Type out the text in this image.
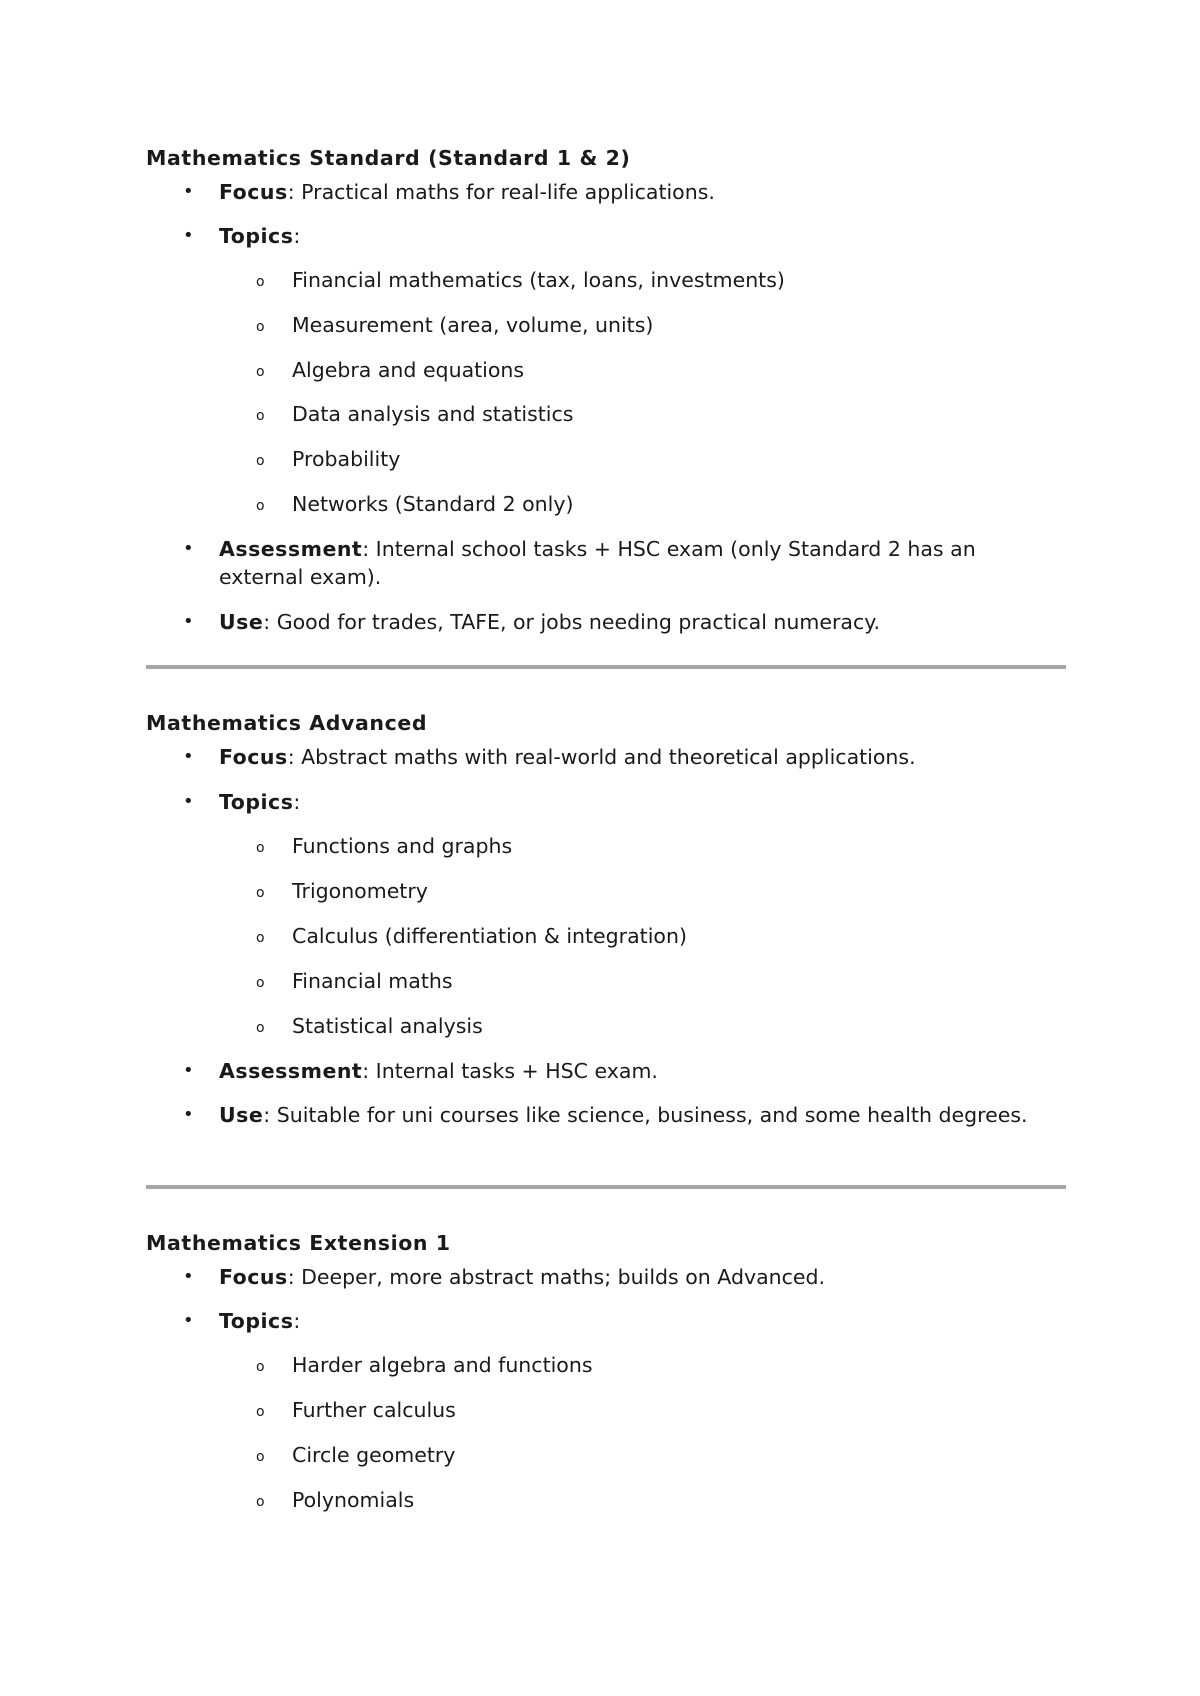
Mathematics Standard (Standard 1 & 2)
• Focus: Practical maths for real-life applications.
• Topics:
o Financial mathematics (tax, loans, investments)
o Measurement (area, volume, units)
o Algebra and equations
o Data analysis and statistics
o Probability
o Networks (Standard 2 only)
• Assessment: Internal school tasks + HSC exam (only Standard 2 has an external exam).
• Use: Good for trades, TAFE, or jobs needing practical numeracy.
Mathematics Advanced
• Focus: Abstract maths with real-world and theoretical applications.
• Topics:
o Functions and graphs
o Trigonometry
o Calculus (differentiation & integration)
o Financial maths
o Statistical analysis
• Assessment: Internal tasks + HSC exam.
• Use: Suitable for uni courses like science, business, and some health degrees.
Mathematics Extension 1
• Focus: Deeper, more abstract maths; builds on Advanced.
• Topics:
o Harder algebra and functions
o Further calculus
o Circle geometry
o Polynomials
